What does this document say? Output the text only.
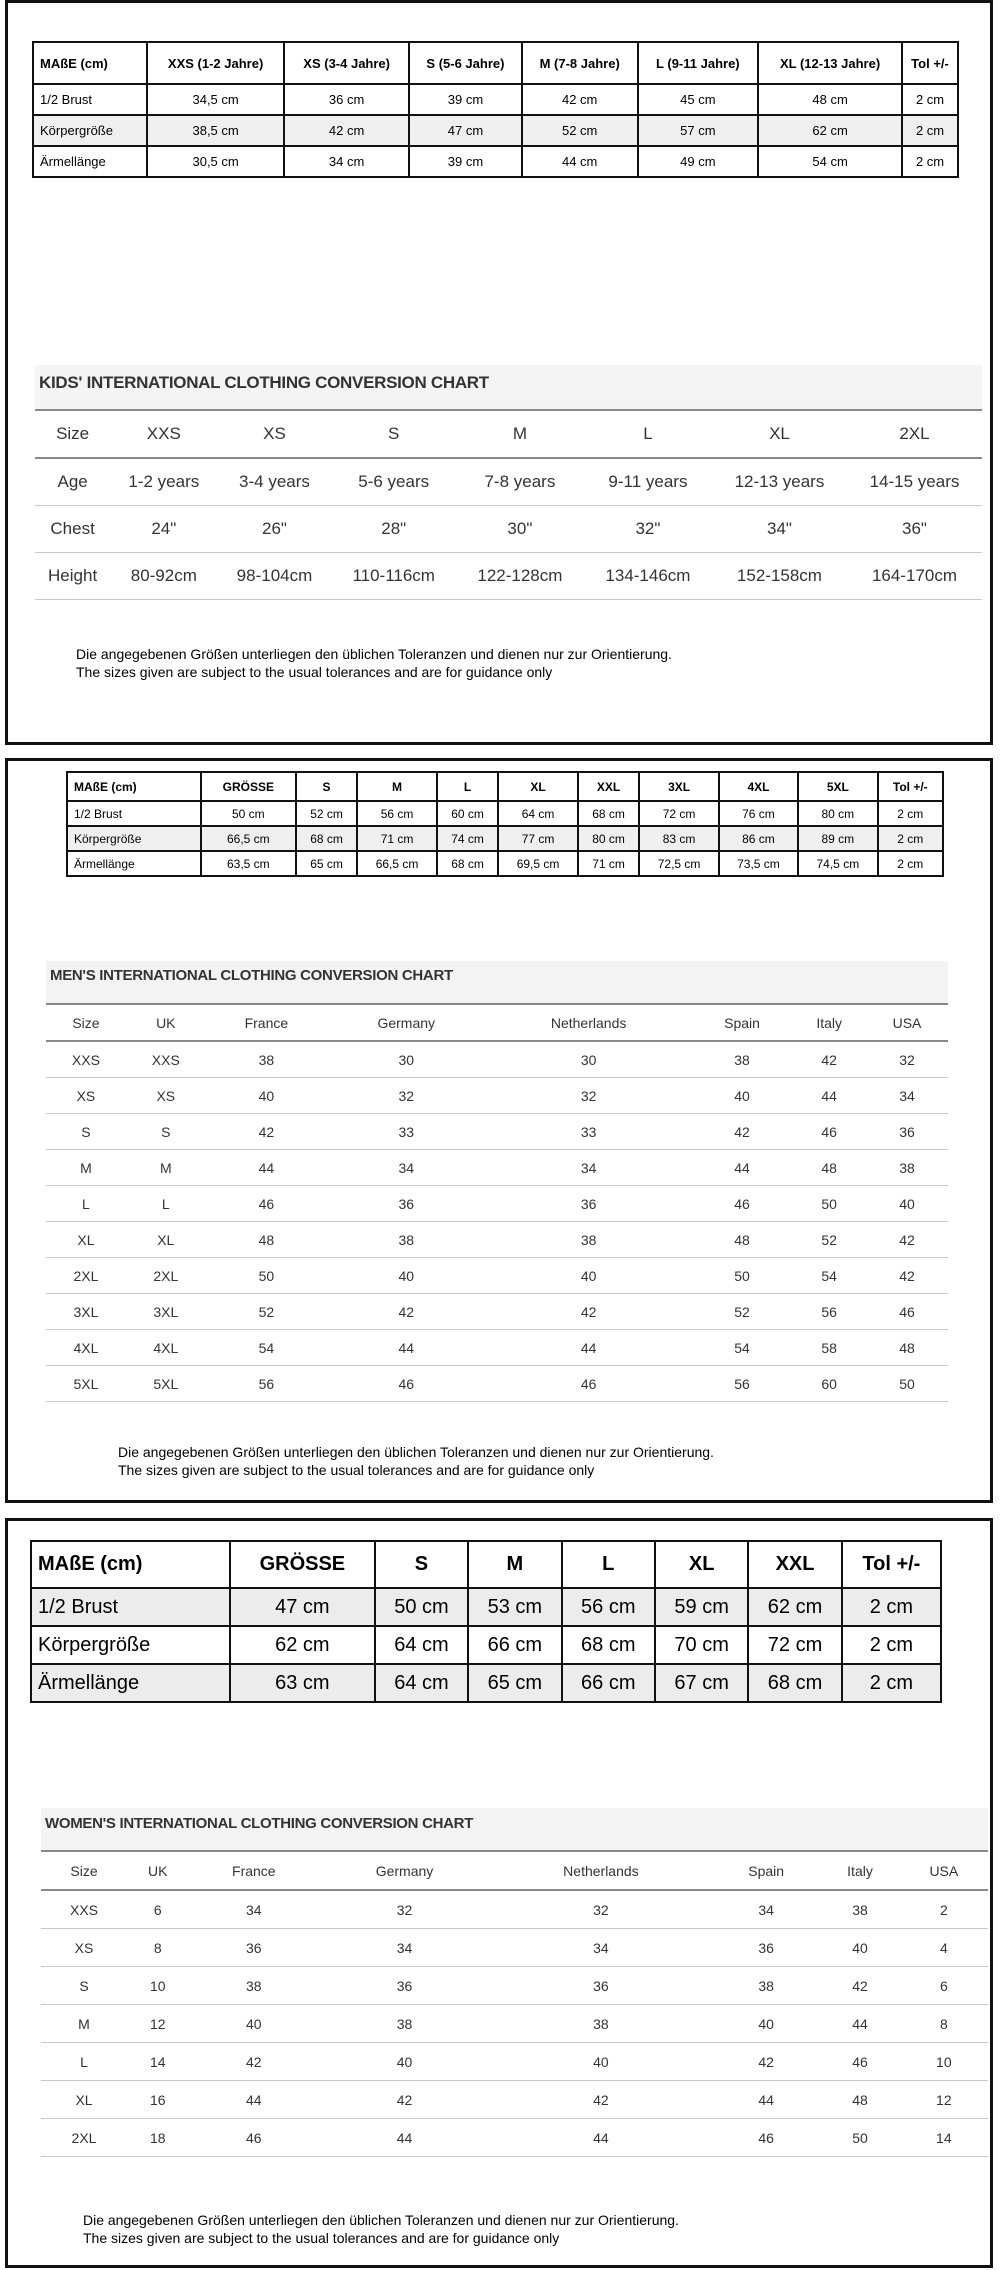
MAßE (cm)	XXS (1-2 Jahre)	XS (3-4 Jahre)	S (5-6 Jahre)	M (7-8 Jahre)	L (9-11 Jahre)	XL (12-13 Jahre)	Tol +/-
1/2 Brust	34,5 cm	36 cm	39 cm	42 cm	45 cm	48 cm	2 cm
Körpergröße	38,5 cm	42 cm	47 cm	52 cm	57 cm	62 cm	2 cm
Ärmellänge	30,5 cm	34 cm	39 cm	44 cm	49 cm	54 cm	2 cm
KIDS' INTERNATIONAL CLOTHING CONVERSION CHART
Size	XXS	XS	S	M	L	XL	2XL
Age	1-2 years	3-4 years	5-6 years	7-8 years	9-11 years	12-13 years	14-15 years
Chest	24"	26"	28"	30"	32"	34"	36"
Height	80-92cm	98-104cm	110-116cm	122-128cm	134-146cm	152-158cm	164-170cm
Die angegebenen Größen unterliegen den üblichen Toleranzen und dienen nur zur Orientierung.
The sizes given are subject to the usual tolerances and are for guidance only
MAßE (cm)	GRÖSSE	S	M	L	XL	XXL	3XL	4XL	5XL	Tol +/-
1/2 Brust	50 cm	52 cm	56 cm	60 cm	64 cm	68 cm	72 cm	76 cm	80 cm	2 cm
Körpergröße	66,5 cm	68 cm	71 cm	74 cm	77 cm	80 cm	83 cm	86 cm	89 cm	2 cm
Ärmellänge	63,5 cm	65 cm	66,5 cm	68 cm	69,5 cm	71 cm	72,5 cm	73,5 cm	74,5 cm	2 cm
MEN'S INTERNATIONAL CLOTHING CONVERSION CHART
Size	UK	France	Germany	Netherlands	Spain	Italy	USA
XXS	XXS	38	30	30	38	42	32
XS	XS	40	32	32	40	44	34
S	S	42	33	33	42	46	36
M	M	44	34	34	44	48	38
L	L	46	36	36	46	50	40
XL	XL	48	38	38	48	52	42
2XL	2XL	50	40	40	50	54	42
3XL	3XL	52	42	42	52	56	46
4XL	4XL	54	44	44	54	58	48
5XL	5XL	56	46	46	56	60	50
Die angegebenen Größen unterliegen den üblichen Toleranzen und dienen nur zur Orientierung.
The sizes given are subject to the usual tolerances and are for guidance only
MAßE (cm)	GRÖSSE	S	M	L	XL	XXL	Tol +/-
1/2 Brust	47 cm	50 cm	53 cm	56 cm	59 cm	62 cm	2 cm
Körpergröße	62 cm	64 cm	66 cm	68 cm	70 cm	72 cm	2 cm
Ärmellänge	63 cm	64 cm	65 cm	66 cm	67 cm	68 cm	2 cm
WOMEN'S INTERNATIONAL CLOTHING CONVERSION CHART
Size	UK	France	Germany	Netherlands	Spain	Italy	USA
XXS	6	34	32	32	34	38	2
XS	8	36	34	34	36	40	4
S	10	38	36	36	38	42	6
M	12	40	38	38	40	44	8
L	14	42	40	40	42	46	10
XL	16	44	42	42	44	48	12
2XL	18	46	44	44	46	50	14
Die angegebenen Größen unterliegen den üblichen Toleranzen und dienen nur zur Orientierung.
The sizes given are subject to the usual tolerances and are for guidance only
